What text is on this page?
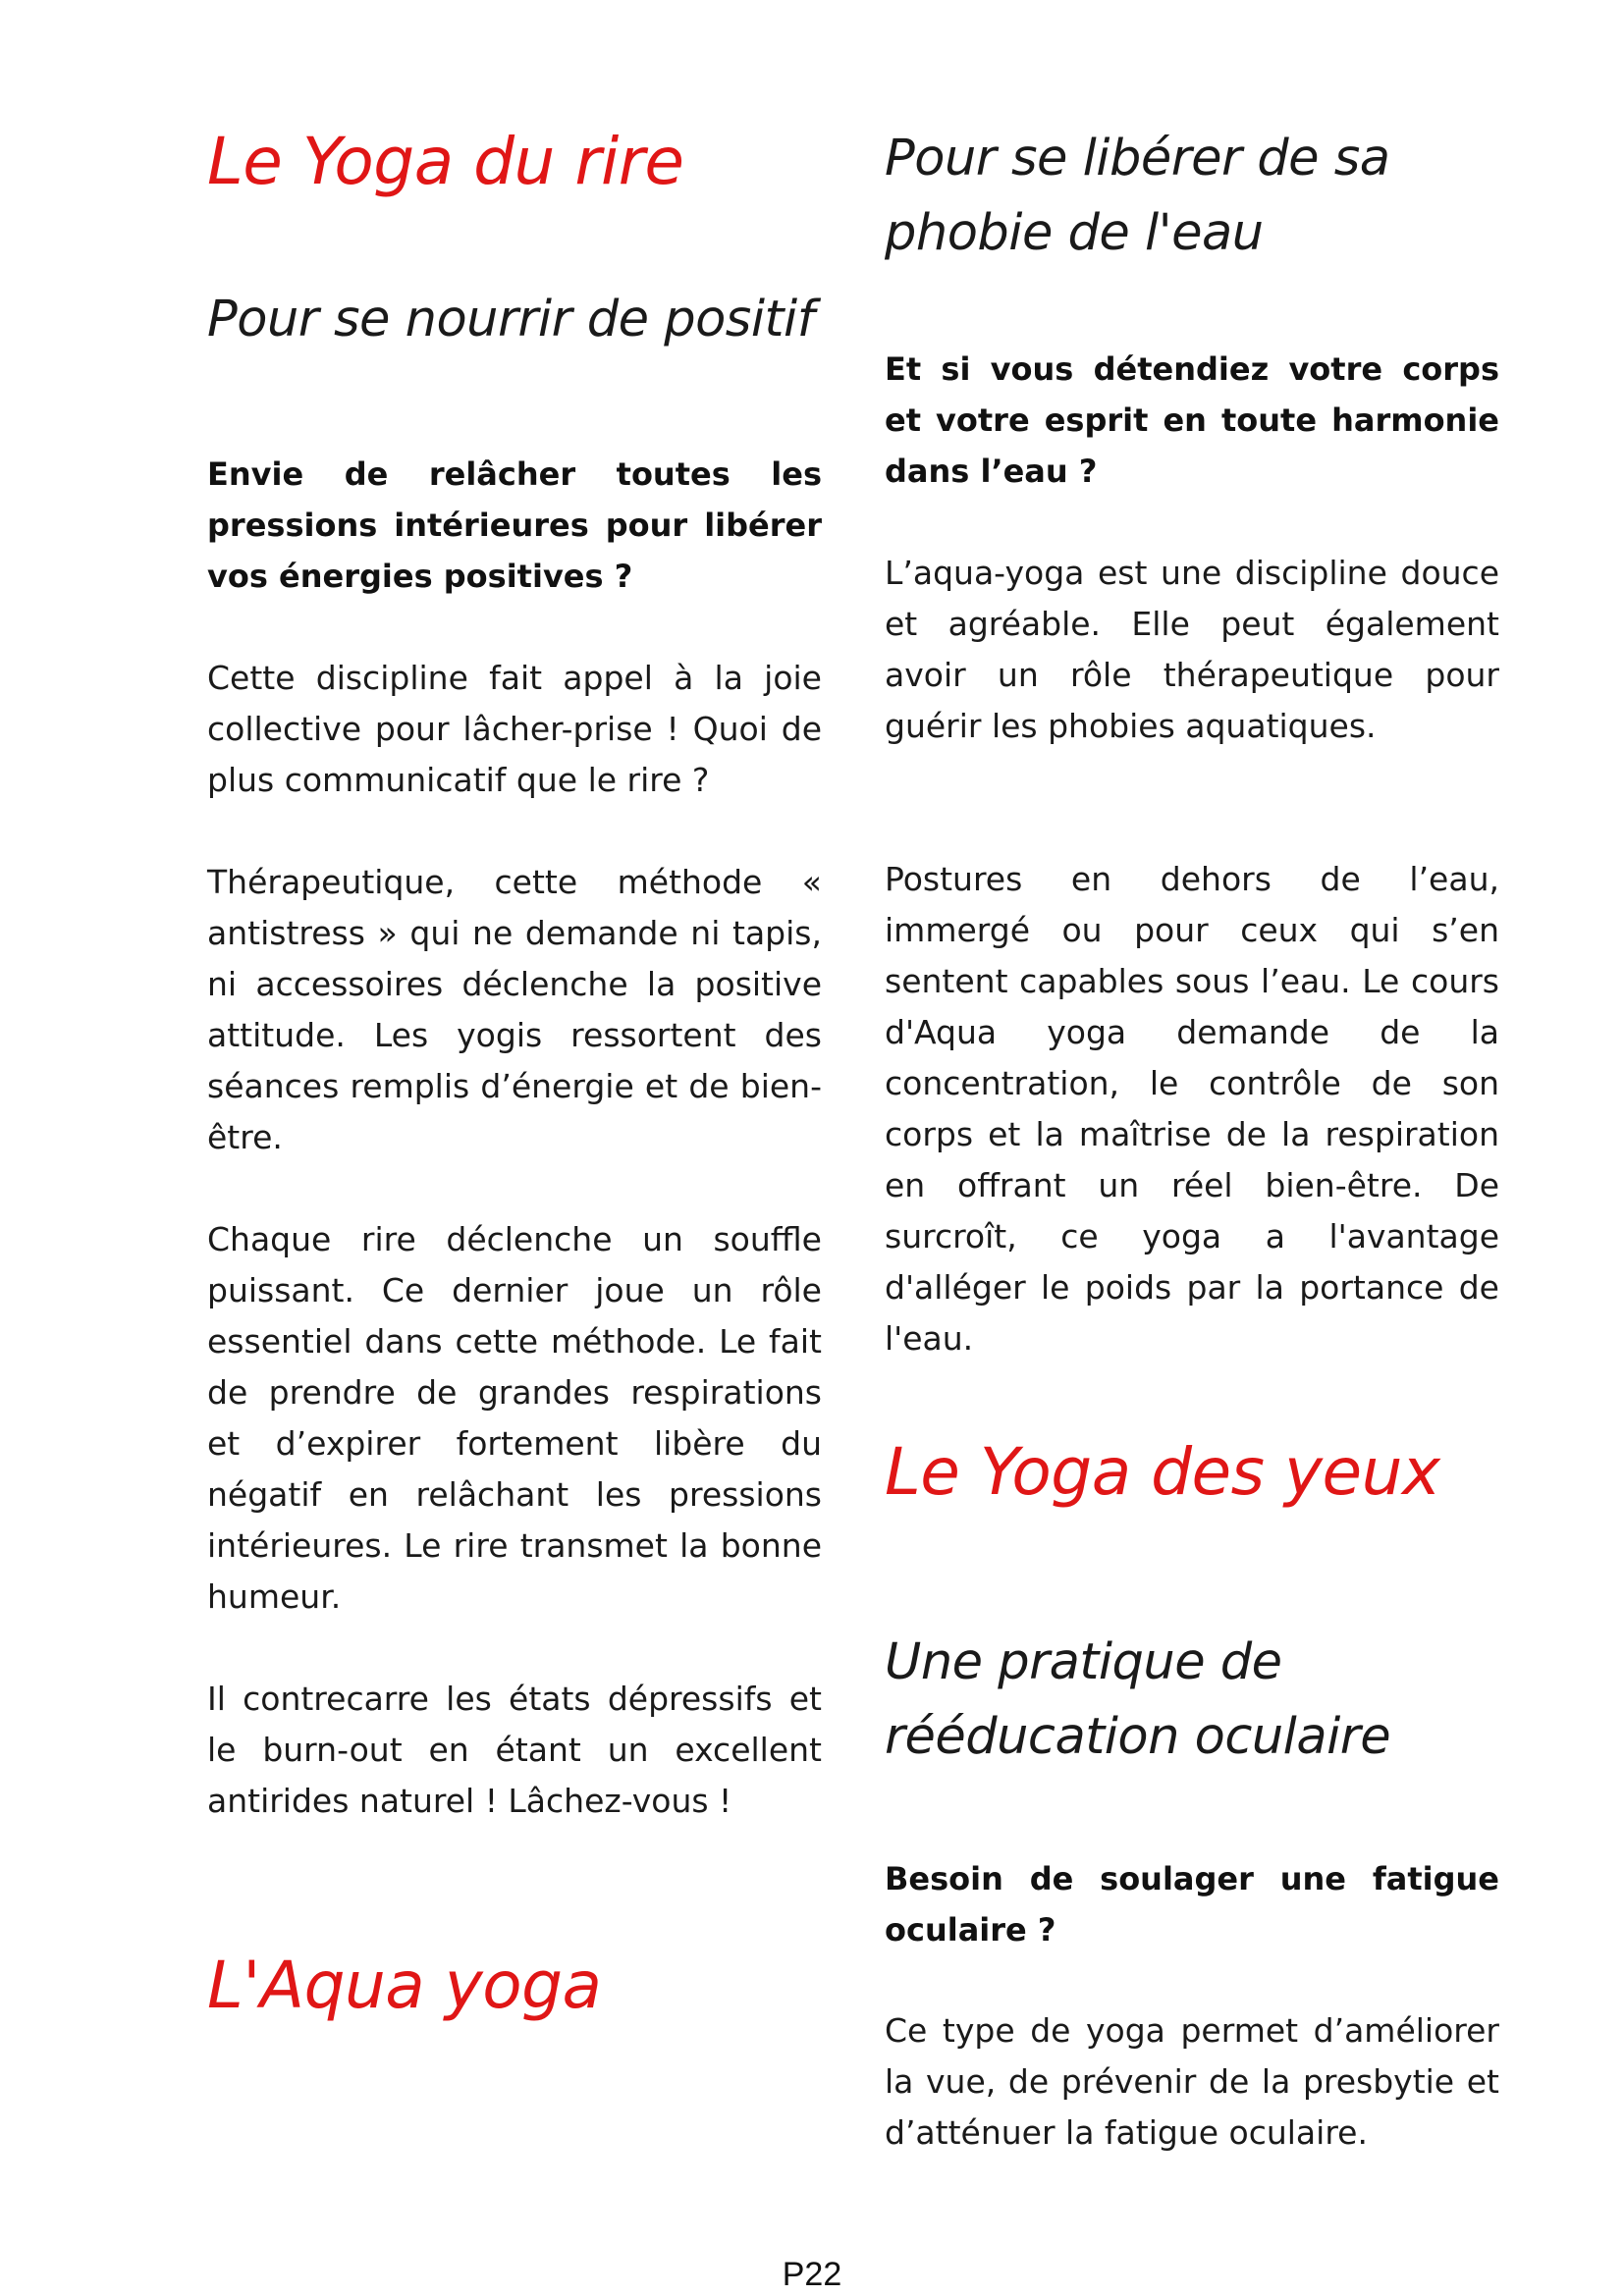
Le Yoga du rire
Pour se nourrir de positif

Envie de relâcher toutes les pressions intérieures pour libérer vos énergies positives ?

Cette discipline fait appel à la joie collective pour lâcher-prise ! Quoi de plus communicatif que le rire ?

Thérapeutique, cette méthode « antistress » qui ne demande ni tapis, ni accessoires déclenche la positive attitude. Les yogis ressortent des séances remplis d’énergie et de bien-être.

Chaque rire déclenche un souffle puissant. Ce dernier joue un rôle essentiel dans cette méthode. Le fait de prendre de grandes respirations et d’expirer fortement libère du négatif en relâchant les pressions intérieures. Le rire transmet la bonne humeur.

Il contrecarre les états dépressifs et le burn-out en étant un excellent antirides naturel ! Lâchez-vous !

L'Aqua yoga
Pour se libérer de sa phobie de l'eau

Et si vous détendiez votre corps et votre esprit en toute harmonie dans l’eau ?

L’aqua-yoga est une discipline douce et agréable. Elle peut également avoir un rôle thérapeutique pour guérir les phobies aquatiques.

Postures en dehors de l’eau, immergé ou pour ceux qui s’en sentent capables sous l’eau. Le cours d'Aqua yoga demande de la concentration, le contrôle de son corps et la maîtrise de la respiration en offrant un réel bien-être. De surcroît, ce yoga a l'avantage d'alléger le poids par la portance de l'eau.

Le Yoga des yeux
Une pratique de rééducation oculaire

Besoin de soulager une fatigue oculaire ?

Ce type de yoga permet d’améliorer la vue, de prévenir de la presbytie et d’atténuer la fatigue oculaire.

P22
